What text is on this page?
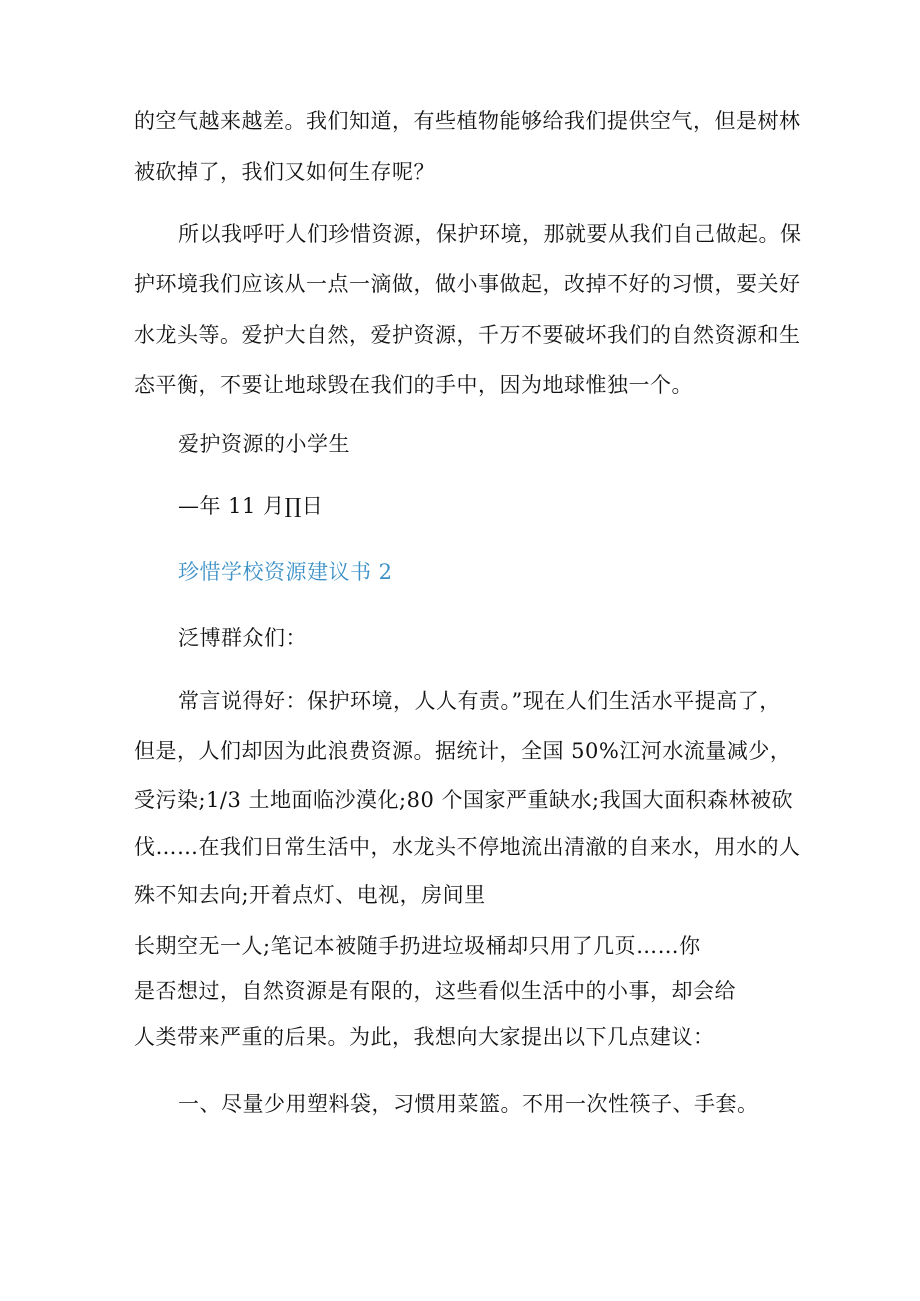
的空气越来越差。我们知道，有些植物能够给我们提供空气，但是树林
被砍掉了，我们又如何生存呢？
所以我呼吁人们珍惜资源，保护环境，那就要从我们自己做起。保
护环境我们应该从一点一滴做，做小事做起，改掉不好的习惯，要关好
水龙头等。爱护大自然，爱护资源，千万不要破坏我们的自然资源和生
态平衡，不要让地球毁在我们的手中，因为地球惟独一个。
爱护资源的小学生
—年 11 月∏日
珍惜学校资源建议书 2
泛博群众们：
常言说得好：保护环境，人人有责。”现在人们生活水平提高了，
但是，人们却因为此浪费资源。据统计，全国 50%江河水流量减少，
受污染;1/3 土地面临沙漠化;80 个国家严重缺水;我国大面积森林被砍
伐……在我们日常生活中，水龙头不停地流出清澈的自来水，用水的人
殊不知去向;开着点灯、电视，房间里
长期空无一人;笔记本被随手扔进垃圾桶却只用了几页……你
是否想过，自然资源是有限的，这些看似生活中的小事，却会给
人类带来严重的后果。为此，我想向大家提出以下几点建议：
一、尽量少用塑料袋，习惯用菜篮。不用一次性筷子、手套。
